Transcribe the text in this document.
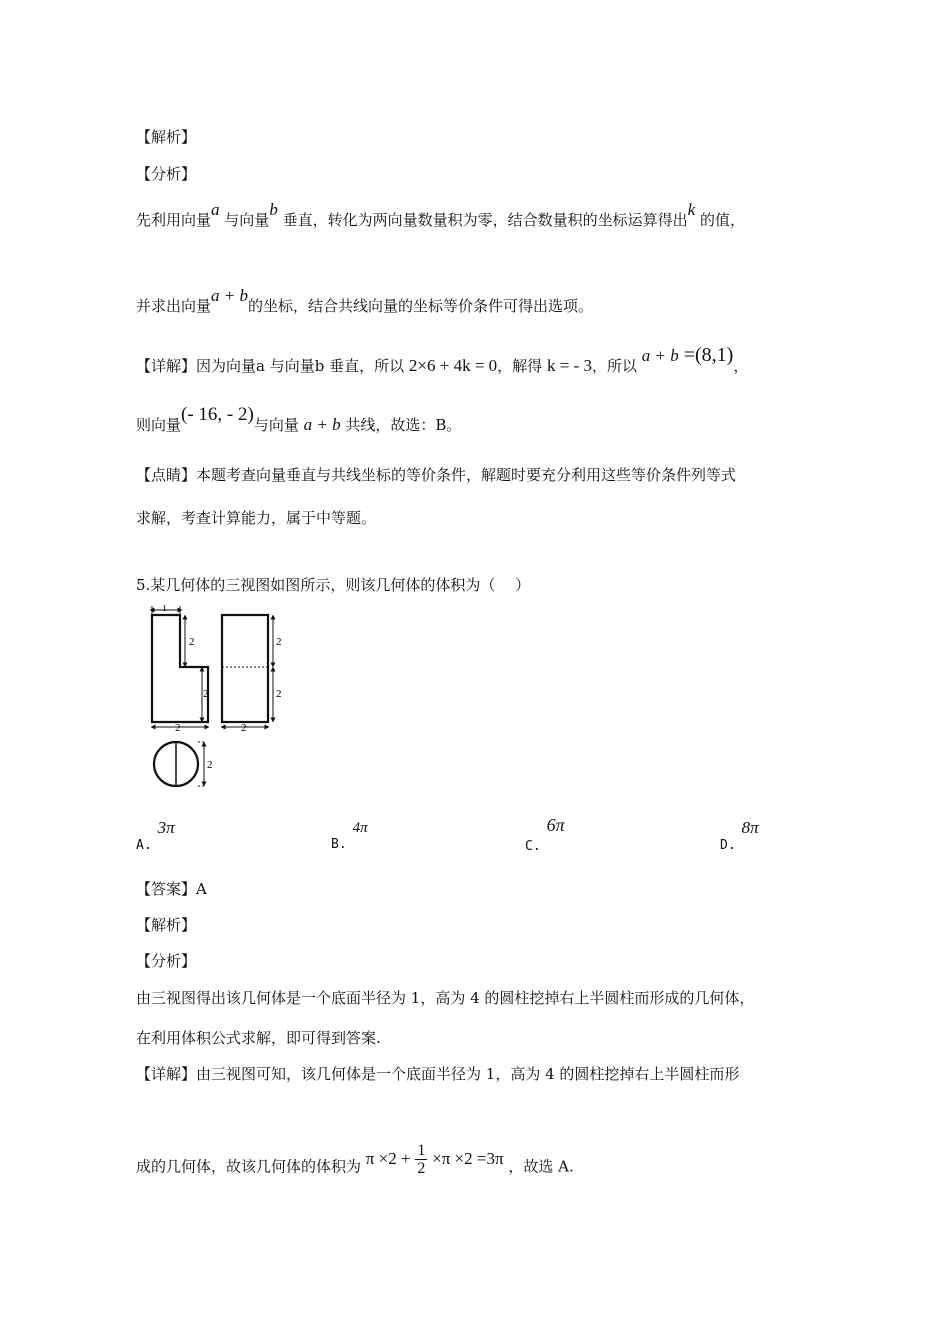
【解析】
【分析】
先利用向量a 与向量b 垂直，转化为两向量数量积为零，结合数量积的坐标运算得出k 的值，
并求出向量a + b的坐标，结合共线向量的坐标等价条件可得出选项。
【详解】因为向量a 与向量b 垂直，所以 2×6 + 4k = 0，解得 k = - 3，所以 a + b =(8,1)，
则向量(- 16, - 2)与向量 a + b 共线，故选：B。
【点睛】本题考查向量垂直与共线坐标的等价条件，解题时要充分利用这些等价条件列等式
求解，考查计算能力，属于中等题。
5.某几何体的三视图如图所示，则该几何体的体积为（　 ）
1
2
2
2
2
2
2
2
A.3π
B.4π
C.6π
D.8π
【答案】A
【解析】
【分析】
由三视图得出该几何体是一个底面半径为 1，高为 4 的圆柱挖掉右上半圆柱而形成的几何体，
在利用体积公式求解，即可得到答案.
【详解】由三视图可知，该几何体是一个底面半径为 1，高为 4 的圆柱挖掉右上半圆柱而形
成的几何体，故该几何体的体积为 $\pi \times 2 + \frac{1}{2} \times\pi \times 2 =3\pi$ ，故选 A.
